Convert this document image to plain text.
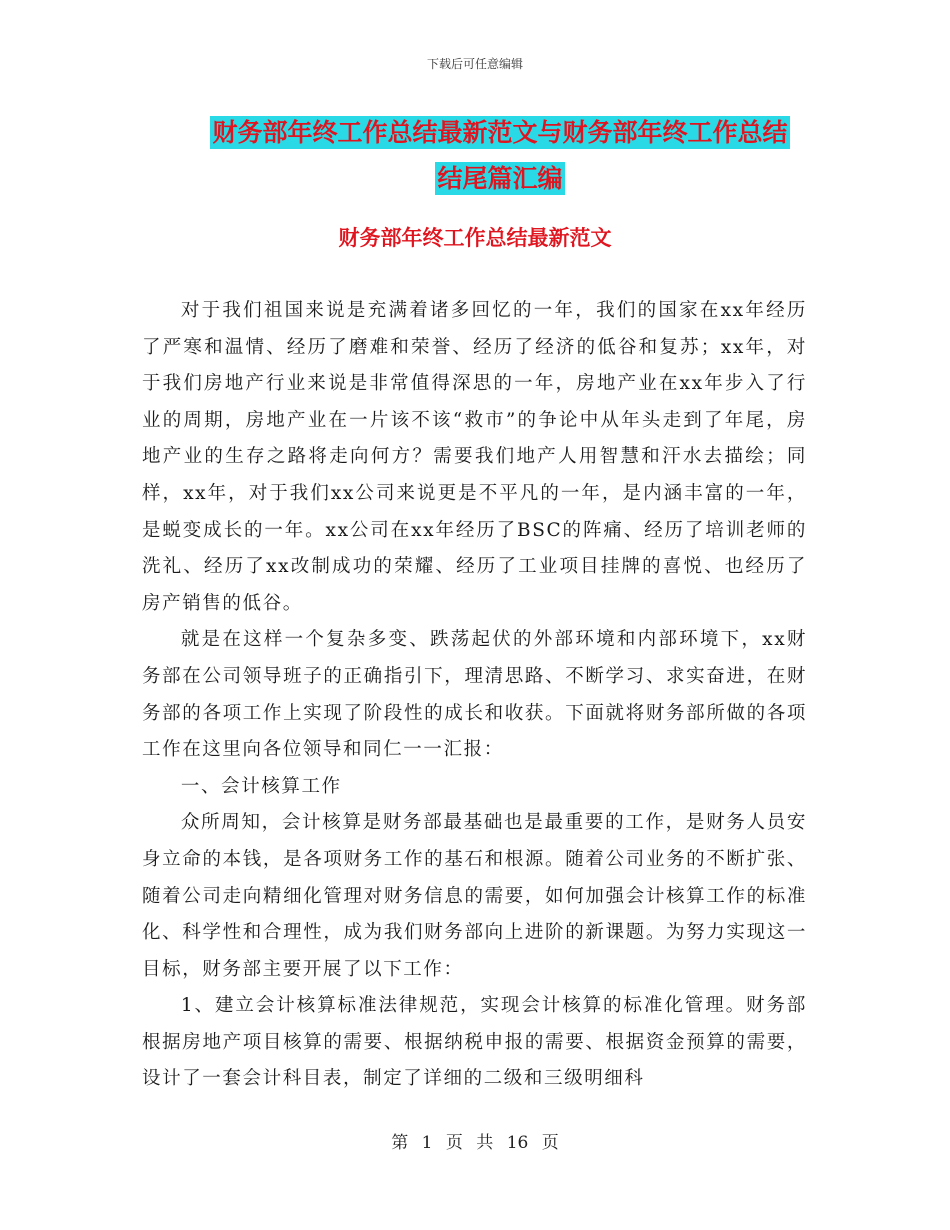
下载后可任意编辑
财务部年终工作总结最新范文与财务部年终工作总结
结尾篇汇编
财务部年终工作总结最新范文

对于我们祖国来说是充满着诸多回忆的一年，我们的国家在xx年经历了严寒和温情、经历了磨难和荣誉、经历了经济的低谷和复苏；xx年，对于我们房地产行业来说是非常值得深思的一年，房地产业在xx年步入了行业的周期，房地产业在一片该不该“救市”的争论中从年头走到了年尾，房地产业的生存之路将走向何方？需要我们地产人用智慧和汗水去描绘；同样，xx年，对于我们xx公司来说更是不平凡的一年，是内涵丰富的一年，是蜕变成长的一年。xx公司在xx年经历了BSC的阵痛、经历了培训老师的洗礼、经历了xx改制成功的荣耀、经历了工业项目挂牌的喜悦、也经历了房产销售的低谷。

就是在这样一个复杂多变、跌荡起伏的外部环境和内部环境下，xx财务部在公司领导班子的正确指引下，理清思路、不断学习、求实奋进，在财务部的各项工作上实现了阶段性的成长和收获。下面就将财务部所做的各项工作在这里向各位领导和同仁一一汇报：

一、会计核算工作

众所周知，会计核算是财务部最基础也是最重要的工作，是财务人员安身立命的本钱，是各项财务工作的基石和根源。随着公司业务的不断扩张、随着公司走向精细化管理对财务信息的需要，如何加强会计核算工作的标准化、科学性和合理性，成为我们财务部向上进阶的新课题。为努力实现这一目标，财务部主要开展了以下工作：

1、建立会计核算标准法律规范，实现会计核算的标准化管理。财务部根据房地产项目核算的需要、根据纳税申报的需要、根据资金预算的需要，设计了一套会计科目表，制定了详细的二级和三级明细科

第 1 页 共 16 页
